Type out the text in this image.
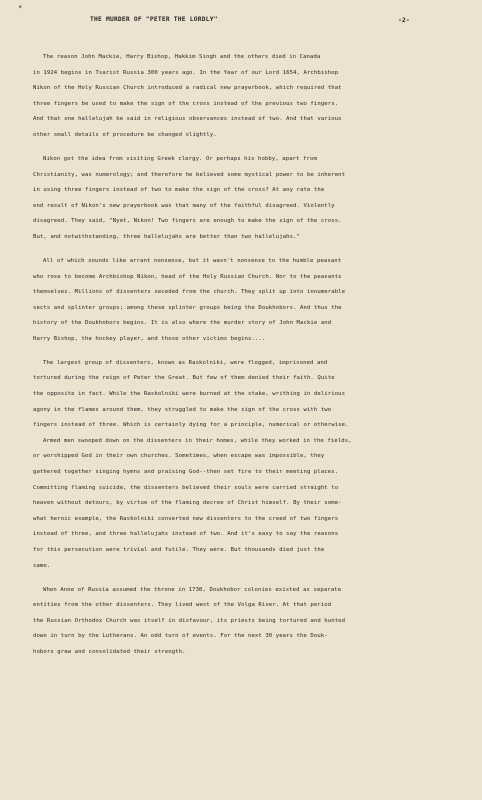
*
THE MURDER OF "PETER THE LORDLY"	-2-
The reason John Mackie, Harry Bishop, Hakkim Singh and the others died in Canada
in 1924 begins in Tsarist Russia 300 years ago. In the Year of our Lord 1654, Archbishop
Nikon of the Holy Russian Church introduced a radical new prayerbook, which required that
three fingers be used to make the sign of the cross instead of the previous two fingers.
And that one hallelujah be said in religious observances instead of two. And that various
other small details of procedure be changed slightly.
Nikon got the idea from visiting Greek clergy. Or perhaps his hobby, apart from
Christianity, was numerology; and therefore he believed some mystical power to be inherent
in using three fingers instead of two to make the sign of the cross? At any rate the
end result of Nikon's new prayerbook was that many of the faithful disagreed. Violently
disagreed. They said, "Nyet, Nikon! Two fingers are enough to make the sign of the cross.
But, and notwithstanding, three hallelujahs are better than two hallelujahs."
All of which sounds like arrant nonsense, but it wasn't nonsense to the humble peasant
who rose to become Archbishop Nikon, head of the Holy Russian Church. Nor to the peasants
themselves. Millions of dissenters seceded from the church. They split up into innumerable
sects and splinter groups; among these splinter groups being the Doukhobors. And thus the
history of the Doukhobors begins. It is also where the murder story of John Mackie and
Harry Bishop, the hockey player, and those other victims begins....
The largest group of dissenters, known as Raskolniki, were flogged, imprisoned and
tortured during the reign of Peter the Great. But few of them denied their faith. Quite
the opposite in fact. While the Raskolniki were burned at the stake, writhing in delirious
agony in the flames around them, they struggled to make the sign of the cross with two
fingers instead of three. Which is certainly dying for a principle, numerical or otherwise.
Armed men swooped down on the dissenters in their homes, while they worked in the fields,
or worshipped God in their own churches. Sometimes, when escape was impossible, they
gathered together singing hymns and praising God--then set fire to their meeting places.
Committing flaming suicide, the dissenters believed their souls were carried straight to
heaven without detours, by virtue of the flaming decree of Christ himself. By their some-
what heroic example, the Raskolniki converted new dissenters to the creed of two fingers
instead of three, and three hallelujahs instead of two. And it's easy to say the reasons
for this persecution were trivial and futile. They were. But thousands died just the
same.
When Anne of Russia assumed the throne in 1730, Doukhobor colonies existed as separate
entities from the other dissenters. They lived west of the Volga River. At that period
the Russian Orthodox Church was itself in disfavour, its priests being tortured and hunted
down in turn by the Lutherans. An odd turn of events. For the next 30 years the Douk-
hobors grew and consolidated their strength.
